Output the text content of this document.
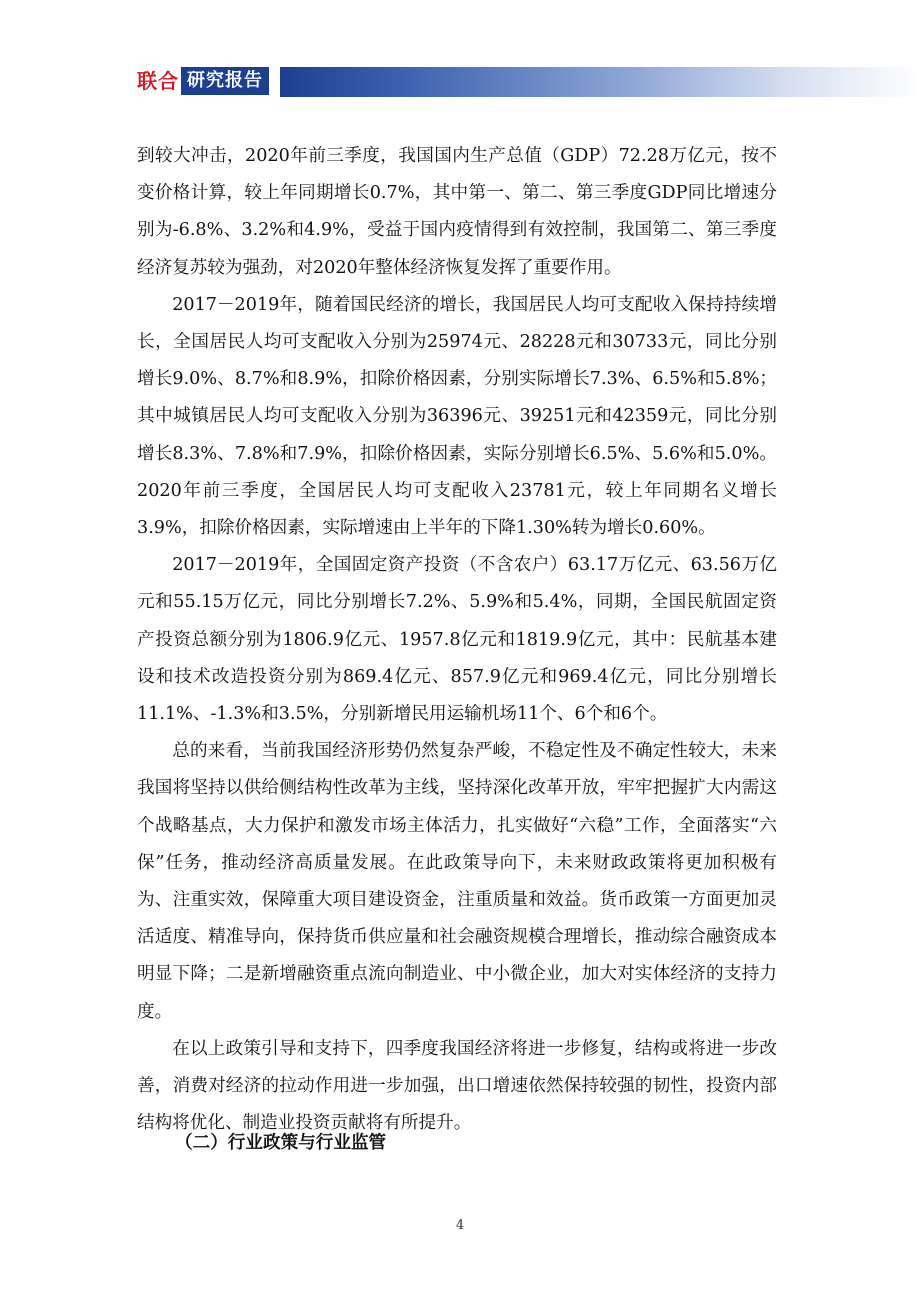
联合 研究报告

到较大冲击，2020年前三季度，我国国内生产总值（GDP）72.28万亿元，按不变价格计算，较上年同期增长0.7%，其中第一、第二、第三季度GDP同比增速分别为-6.8%、3.2%和4.9%，受益于国内疫情得到有效控制，我国第二、第三季度经济复苏较为强劲，对2020年整体经济恢复发挥了重要作用。

2017－2019年，随着国民经济的增长，我国居民人均可支配收入保持持续增长，全国居民人均可支配收入分别为25974元、28228元和30733元，同比分别增长9.0%、8.7%和8.9%，扣除价格因素，分别实际增长7.3%、6.5%和5.8%；其中城镇居民人均可支配收入分别为36396元、39251元和42359元，同比分别增长8.3%、7.8%和7.9%，扣除价格因素，实际分别增长6.5%、5.6%和5.0%。2020年前三季度，全国居民人均可支配收入23781元，较上年同期名义增长3.9%，扣除价格因素，实际增速由上半年的下降1.30%转为增长0.60%。

2017－2019年，全国固定资产投资（不含农户）63.17万亿元、63.56万亿元和55.15万亿元，同比分别增长7.2%、5.9%和5.4%，同期，全国民航固定资产投资总额分别为1806.9亿元、1957.8亿元和1819.9亿元，其中：民航基本建设和技术改造投资分别为869.4亿元、857.9亿元和969.4亿元，同比分别增长11.1%、-1.3%和3.5%，分别新增民用运输机场11个、6个和6个。

总的来看，当前我国经济形势仍然复杂严峻，不稳定性及不确定性较大，未来我国将坚持以供给侧结构性改革为主线，坚持深化改革开放，牢牢把握扩大内需这个战略基点，大力保护和激发市场主体活力，扎实做好“六稳”工作，全面落实“六保”任务，推动经济高质量发展。在此政策导向下，未来财政政策将更加积极有为、注重实效，保障重大项目建设资金，注重质量和效益。货币政策一方面更加灵活适度、精准导向，保持货币供应量和社会融资规模合理增长，推动综合融资成本明显下降；二是新增融资重点流向制造业、中小微企业，加大对实体经济的支持力度。

在以上政策引导和支持下，四季度我国经济将进一步修复，结构或将进一步改善，消费对经济的拉动作用进一步加强，出口增速依然保持较强的韧性，投资内部结构将优化、制造业投资贡献将有所提升。

（二）行业政策与行业监管
4
